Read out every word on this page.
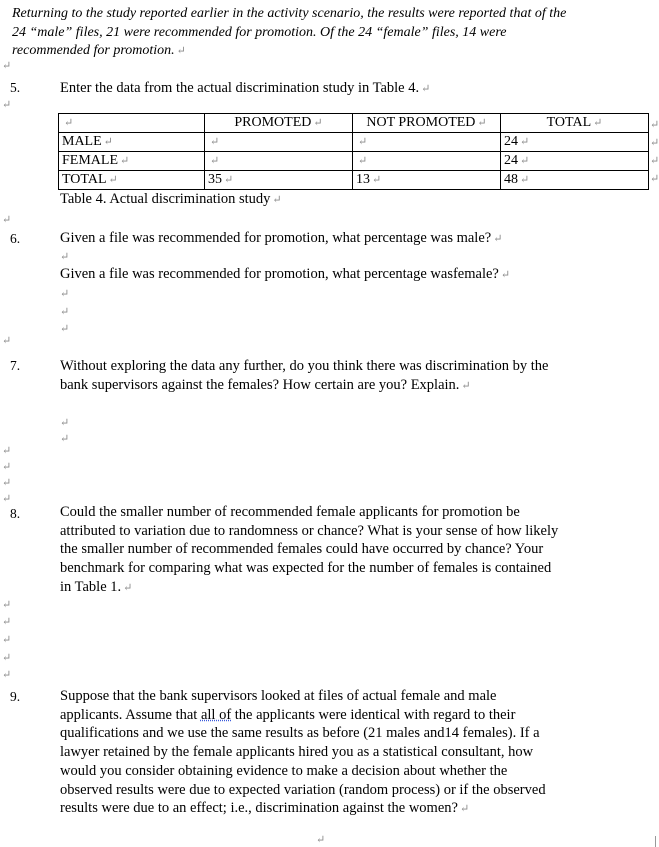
Returning to the study reported earlier in the activity scenario, the results were reported that of the 24 “male” files, 21 were recommended for promotion. Of the 24 “female” files, 14 were recommended for promotion. ↵
↵
↵
↵
↵
↵
↵
↵
↵
↵
↵
↵
↵
↵
↵
↵
↵
↵
5.	Enter the data from the actual discrimination study in Table 4. ↵
↵	PROMOTED ↵	NOT PROMOTED ↵	TOTAL ↵
MALE ↵	↵	↵	24 ↵
FEMALE ↵	↵	↵	24 ↵
TOTAL ↵	35 ↵	13 ↵	48 ↵
Table 4. Actual discrimination study ↵
6.	Given a file was recommended for promotion, what percentage was male? ↵
↵
Given a file was recommended for promotion, what percentage wasfemale? ↵
↵
↵
↵
7.	Without exploring the data any further, do you think there was discrimination by the bank supervisors against the females? How certain are you? Explain. ↵
↵
↵
8.	Could the smaller number of recommended female applicants for promotion be attributed to variation due to randomness or chance? What is your sense of how likely the smaller number of recommended females could have occurred by chance? Your benchmark for comparing what was expected for the number of females is contained in Table 1. ↵
9.	Suppose that the bank supervisors looked at files of actual female and male applicants. Assume that all of the applicants were identical with regard to their qualifications and we use the same results as before (21 males and14 females). If a lawyer retained by the female applicants hired you as a statistical consultant, how would you consider obtaining evidence to make a decision about whether the observed results were due to expected variation (random process) or if the observed results were due to an effect; i.e., discrimination against the women? ↵
↵
